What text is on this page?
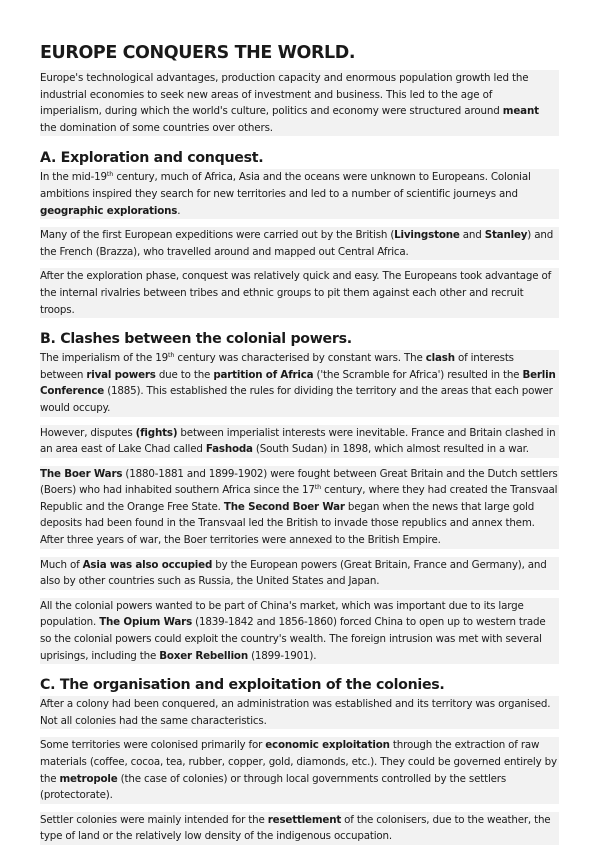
EUROPE CONQUERS THE WORLD.

Europe's technological advantages, production capacity and enormous population growth led the industrial economies to seek new areas of investment and business. This led to the age of imperialism, during which the world's culture, politics and economy were structured around meant the domination of some countries over others.

A. Exploration and conquest.

In the mid-19th century, much of Africa, Asia and the oceans were unknown to Europeans. Colonial ambitions inspired they search for new territories and led to a number of scientific journeys and geographic explorations.

Many of the first European expeditions were carried out by the British (Livingstone and Stanley) and the French (Brazza), who travelled around and mapped out Central Africa.

After the exploration phase, conquest was relatively quick and easy. The Europeans took advantage of the internal rivalries between tribes and ethnic groups to pit them against each other and recruit troops.

B. Clashes between the colonial powers.

The imperialism of the 19th century was characterised by constant wars. The clash of interests between rival powers due to the partition of Africa ('the Scramble for Africa') resulted in the Berlin Conference (1885). This established the rules for dividing the territory and the areas that each power would occupy.

However, disputes (fights) between imperialist interests were inevitable. France and Britain clashed in an area east of Lake Chad called Fashoda (South Sudan) in 1898, which almost resulted in a war.

The Boer Wars (1880-1881 and 1899-1902) were fought between Great Britain and the Dutch settlers (Boers) who had inhabited southern Africa since the 17th century, where they had created the Transvaal Republic and the Orange Free State. The Second Boer War began when the news that large gold deposits had been found in the Transvaal led the British to invade those republics and annex them. After three years of war, the Boer territories were annexed to the British Empire.

Much of Asia was also occupied by the European powers (Great Britain, France and Germany), and also by other countries such as Russia, the United States and Japan.

All the colonial powers wanted to be part of China's market, which was important due to its large population. The Opium Wars (1839-1842 and 1856-1860) forced China to open up to western trade so the colonial powers could exploit the country's wealth. The foreign intrusion was met with several uprisings, including the Boxer Rebellion (1899-1901).

C. The organisation and exploitation of the colonies.

After a colony had been conquered, an administration was established and its territory was organised. Not all colonies had the same characteristics.

Some territories were colonised primarily for economic exploitation through the extraction of raw materials (coffee, cocoa, tea, rubber, copper, gold, diamonds, etc.). They could be governed entirely by the metropole (the case of colonies) or through local governments controlled by the settlers (protectorate).

Settler colonies were mainly intended for the resettlement of the colonisers, due to the weather, the type of land or the relatively low density of the indigenous occupation.
